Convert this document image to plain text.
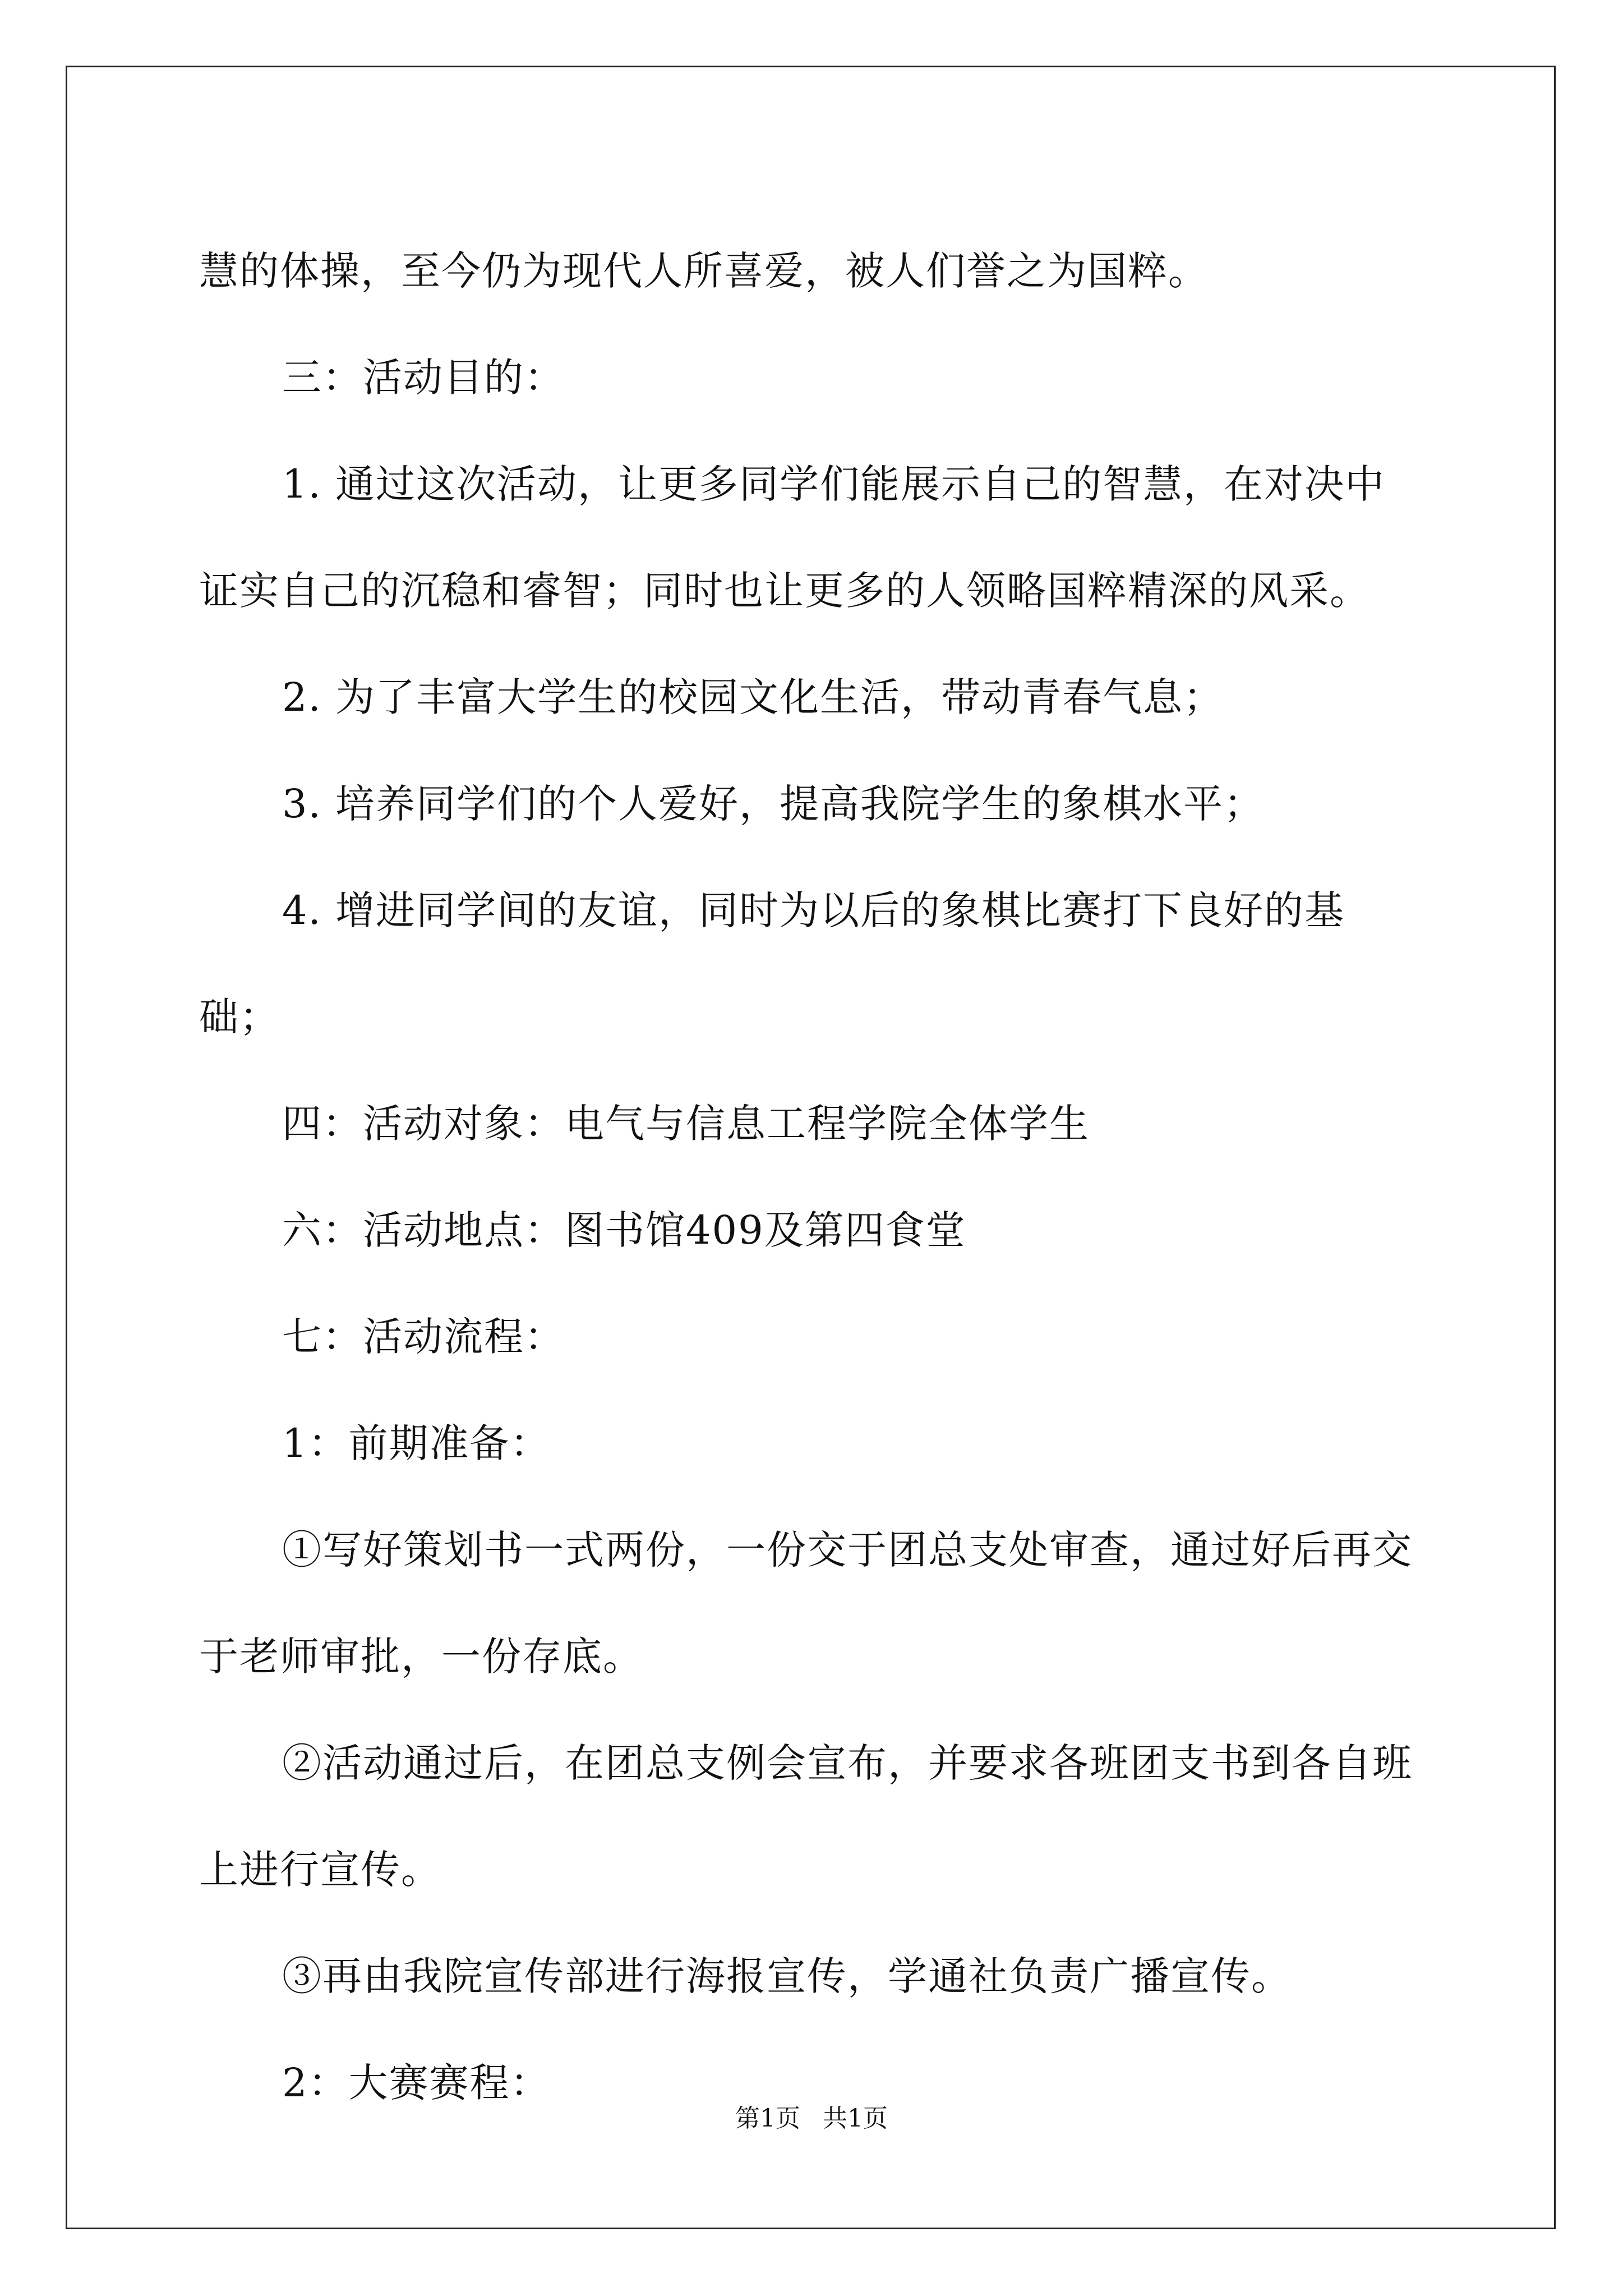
慧的体操，至今仍为现代人所喜爱，被人们誉之为国粹。

三：活动目的：

1. 通过这次活动，让更多同学们能展示自己的智慧，在对决中证实自己的沉稳和睿智；同时也让更多的人领略国粹精深的风采。

2. 为了丰富大学生的校园文化生活，带动青春气息；

3. 培养同学们的个人爱好，提高我院学生的象棋水平；

4. 增进同学间的友谊，同时为以后的象棋比赛打下良好的基础；

四：活动对象：电气与信息工程学院全体学生

六：活动地点：图书馆409及第四食堂

七：活动流程：

1：前期准备：

①写好策划书一式两份，一份交于团总支处审查，通过好后再交于老师审批，一份存底。

②活动通过后，在团总支例会宣布，并要求各班团支书到各自班上进行宣传。

③再由我院宣传部进行海报宣传，学通社负责广播宣传。

2：大赛赛程：

第1页 共1页
